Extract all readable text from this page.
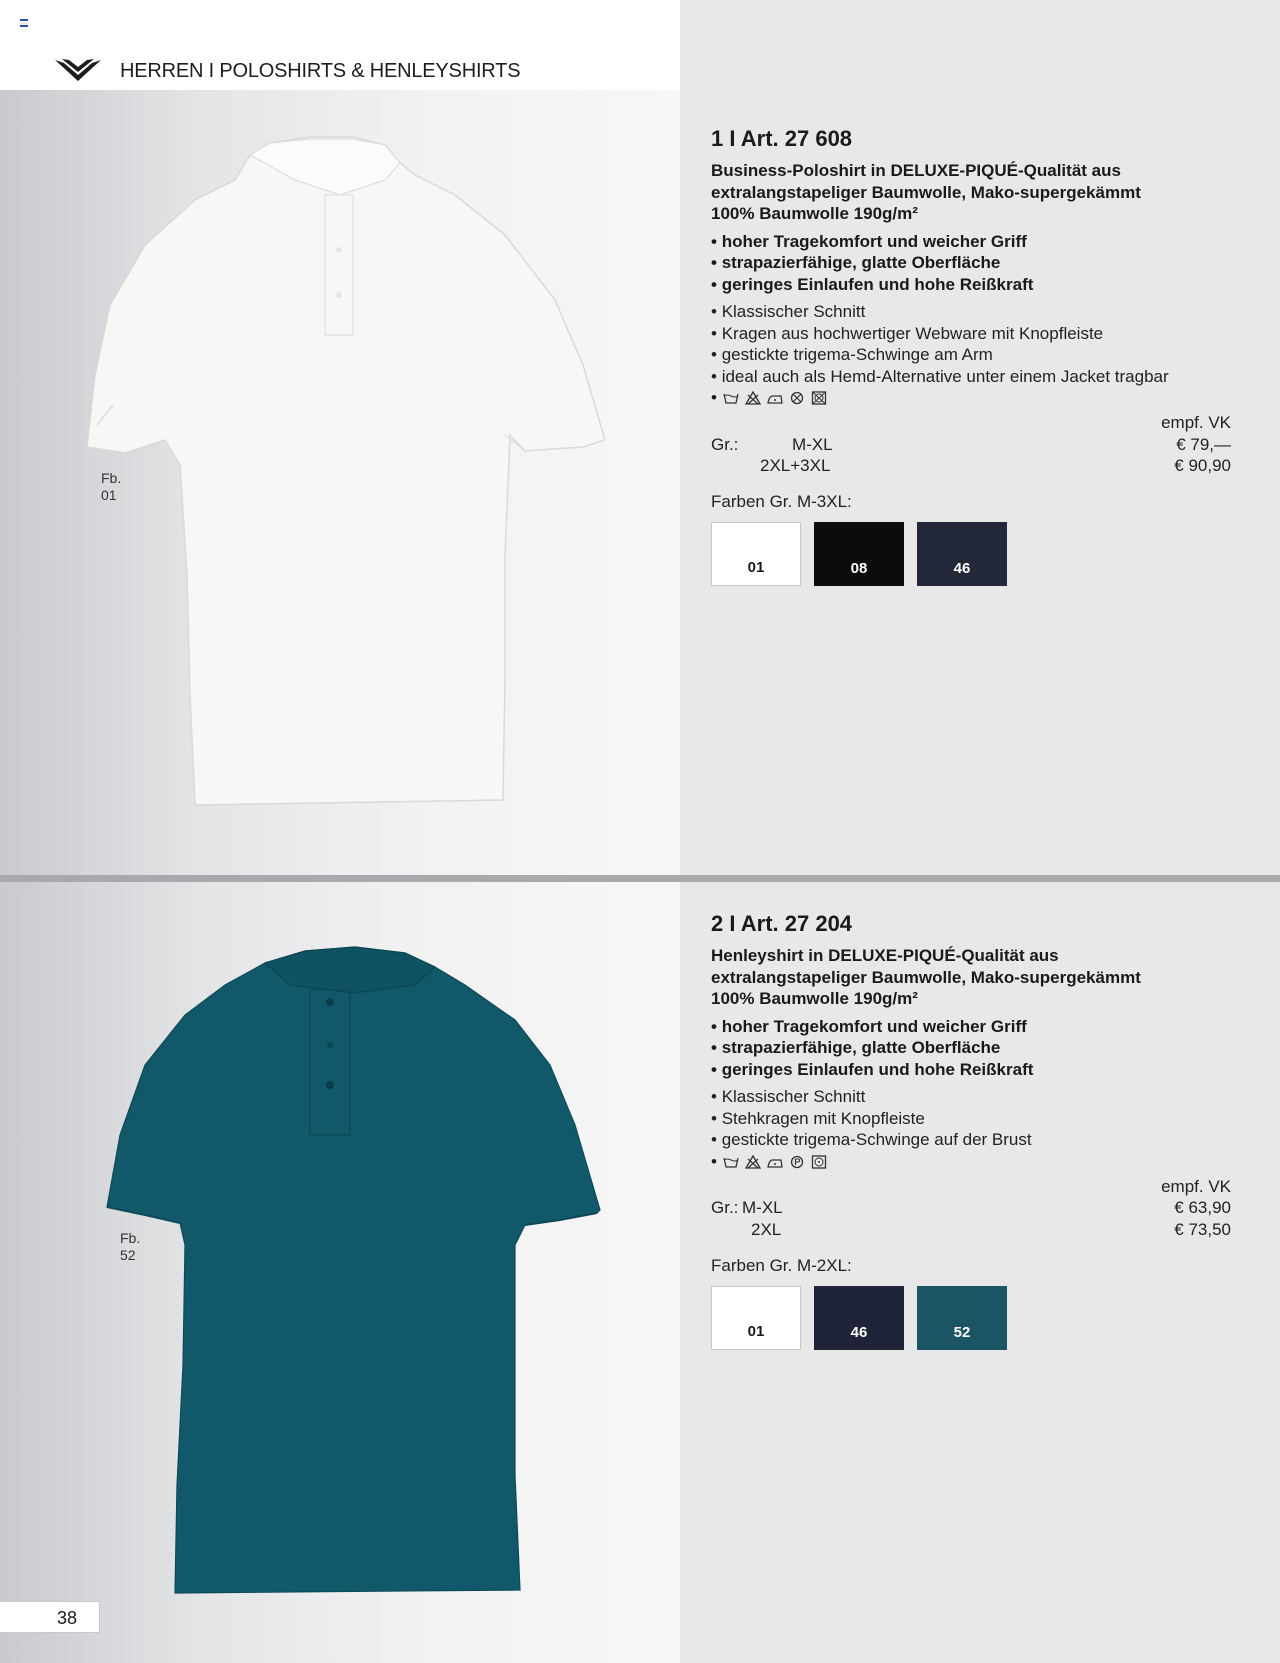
HERREN I POLOSHIRTS & HENLEYSHIRTS
Fb.
01
Fb.
52
1 I Art. 27 608
Business-Poloshirt in DELUXE-PIQUÉ-Qualität aus
extralangstapeliger Baumwolle, Mako-supergekämmt
100% Baumwolle 190g/m²
• hoher Tragekomfort und weicher Griff
• strapazierfähige, glatte Oberfläche
• geringes Einlaufen und hohe Reißkraft
• Klassischer Schnitt
• Kragen aus hochwertiger Webware mit Knopfleiste
• gestickte trigema-Schwinge am Arm
• ideal auch als Hemd-Alternative unter einem Jacket tragbar
•
empf. VK
Gr.:	M-XL	€ 79,—
2XL+3XL	€ 90,90
Farben Gr. M-3XL:
01	08	46
2 I Art. 27 204
Henleyshirt in DELUXE-PIQUÉ-Qualität aus
extralangstapeliger Baumwolle, Mako-supergekämmt
100% Baumwolle 190g/m²
• hoher Tragekomfort und weicher Griff
• strapazierfähige, glatte Oberfläche
• geringes Einlaufen und hohe Reißkraft
• Klassischer Schnitt
• Stehkragen mit Knopfleiste
• gestickte trigema-Schwinge auf der Brust
•
empf. VK
Gr.: M-XL	€ 63,90
2XL	€ 73,50
Farben Gr. M-2XL:
01	46	52
38
